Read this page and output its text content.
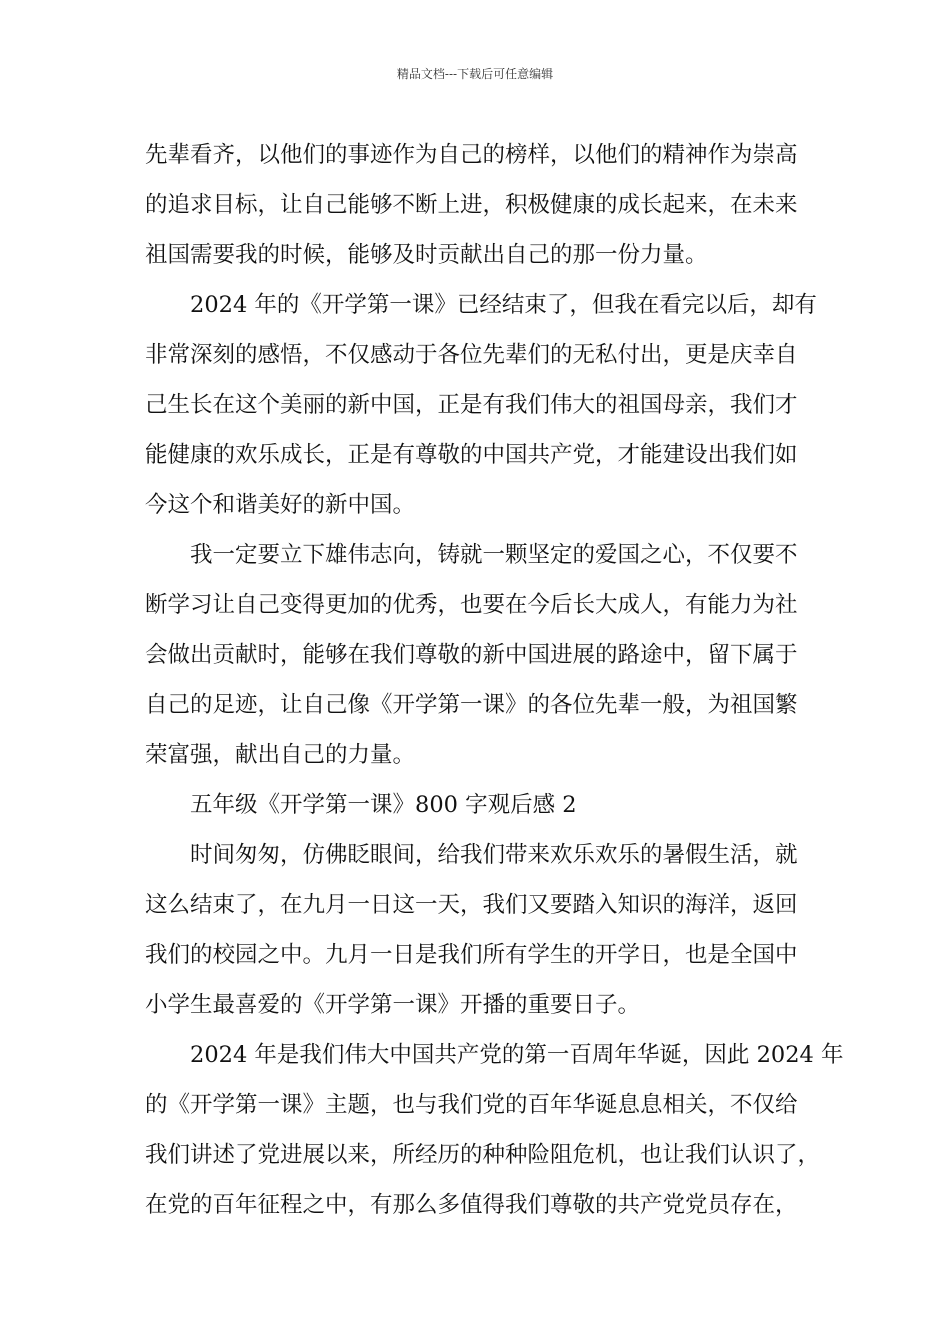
精品文档---下载后可任意编辑
先辈看齐，以他们的事迹作为自己的榜样，以他们的精神作为崇高
的追求目标，让自己能够不断上进，积极健康的成长起来，在未来
祖国需要我的时候，能够及时贡献出自己的那一份力量。
2024 年的《开学第一课》已经结束了，但我在看完以后，却有
非常深刻的感悟，不仅感动于各位先辈们的无私付出，更是庆幸自
己生长在这个美丽的新中国，正是有我们伟大的祖国母亲，我们才
能健康的欢乐成长，正是有尊敬的中国共产党，才能建设出我们如
今这个和谐美好的新中国。
我一定要立下雄伟志向，铸就一颗坚定的爱国之心，不仅要不
断学习让自己变得更加的优秀，也要在今后长大成人，有能力为社
会做出贡献时，能够在我们尊敬的新中国进展的路途中，留下属于
自己的足迹，让自己像《开学第一课》的各位先辈一般，为祖国繁
荣富强，献出自己的力量。
五年级《开学第一课》800 字观后感 2
时间匆匆，仿佛眨眼间，给我们带来欢乐欢乐的暑假生活，就
这么结束了，在九月一日这一天，我们又要踏入知识的海洋，返回
我们的校园之中。九月一日是我们所有学生的开学日，也是全国中
小学生最喜爱的《开学第一课》开播的重要日子。
2024 年是我们伟大中国共产党的第一百周年华诞，因此 2024 年
的《开学第一课》主题，也与我们党的百年华诞息息相关，不仅给
我们讲述了党进展以来，所经历的种种险阻危机，也让我们认识了，
在党的百年征程之中，有那么多值得我们尊敬的共产党党员存在，
